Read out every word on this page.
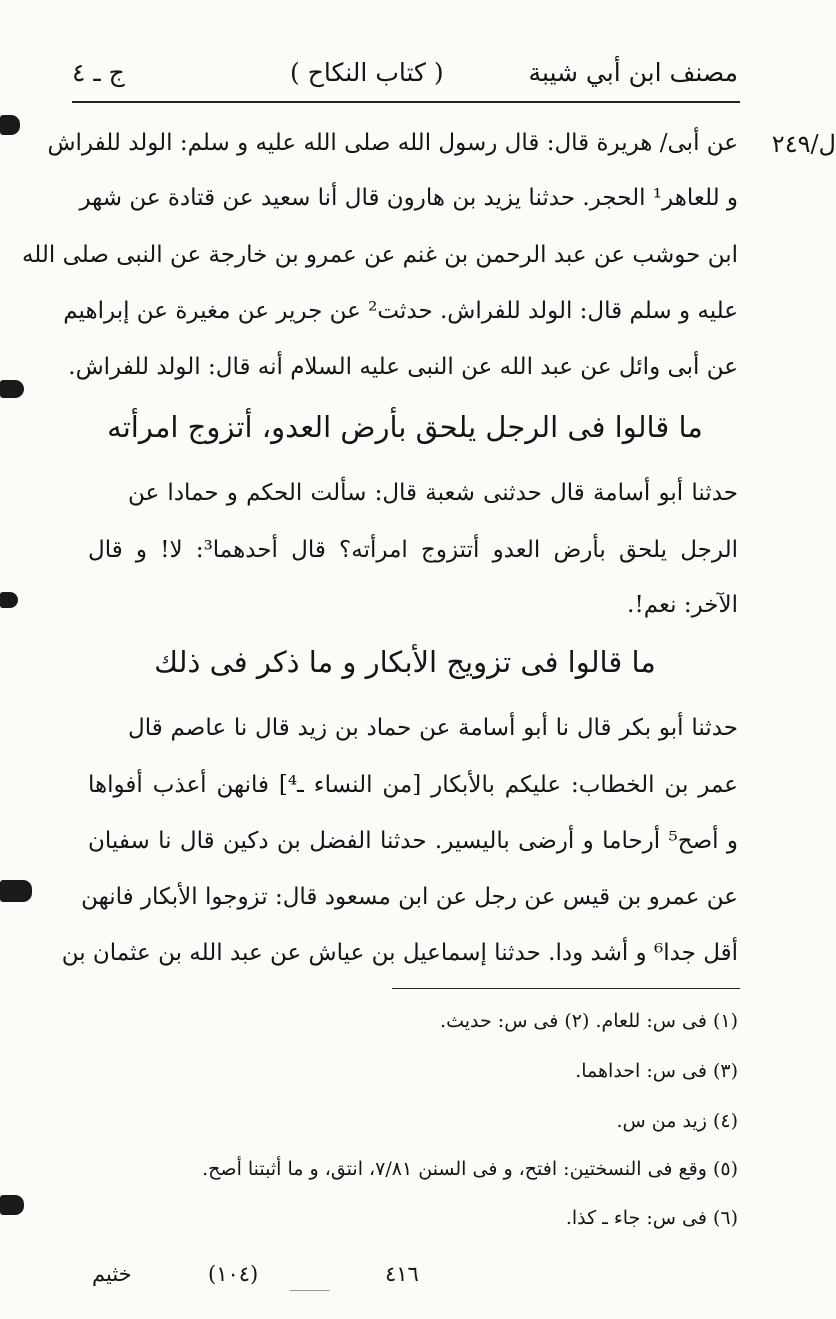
مصنف ابن أبي شيبة
( كتاب النكاح )
ج ـ ٤
ل/٢٤٩
عن أبى/ هريرة قال: قال رسول الله صلى الله عليه و سلم: الولد للفراش
و للعاهر¹ الحجر. حدثنا يزيد بن هارون قال أنا سعيد عن قتادة عن شهر
ابن حوشب عن عبد الرحمن بن غنم عن عمرو بن خارجة عن النبى صلى الله
عليه و سلم قال: الولد للفراش. حدثت² عن جرير عن مغيرة عن إبراهيم
عن أبى وائل عن عبد الله عن النبى عليه السلام أنه قال: الولد للفراش.
ما قالوا فى الرجل يلحق بأرض العدو، أتزوج امرأته
حدثنا أبو أسامة قال حدثنى شعبة قال: سألت الحكم و حمادا عن
الرجل يلحق بأرض العدو أتتزوج امرأته؟ قال أحدهما³: لا! و قال
الآخر: نعم!.
ما قالوا فى تزويج الأبكار و ما ذكر فى ذلك
حدثنا أبو بكر قال نا أبو أسامة عن حماد بن زيد قال نا عاصم قال
عمر بن الخطاب: عليكم بالأبكار [من النساء ـ⁴] فانهن أعذب أفواها
و أصح⁵ أرحاما و أرضى باليسير. حدثنا الفضل بن دكين قال نا سفيان
عن عمرو بن قيس عن رجل عن ابن مسعود قال: تزوجوا الأبكار فانهن
أقل جدا⁶ و أشد ودا. حدثنا إسماعيل بن عياش عن عبد الله بن عثمان بن
(١) فى س: للعام. (٢) فى س: حديث.
(٣) فى س: احداهما.
(٤) زيد من س.
(٥) وقع فى النسختين: افتح، و فى السنن ٧/٨١، انتق، و ما أثبتنا أصح.
(٦) فى س: جاء ـ كذا.
٤١٦
(١٠٤)
خثيم
